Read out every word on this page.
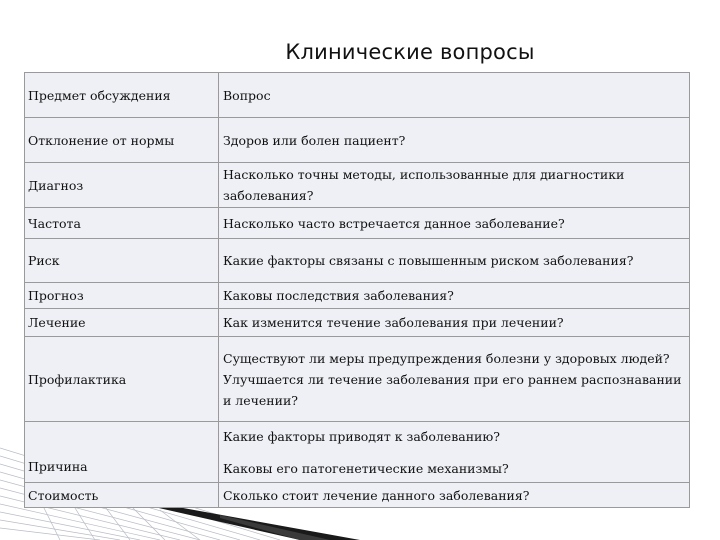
Клинические вопросы
Предмет обсуждения	Вопрос

Отклонение от нормы	Здоров или болен пациент?

Диагноз	Насколько точны методы, использованные для диагностики
заболевания?

Частота	Насколько часто встречается данное заболевание?

Риск	Какие факторы связаны с повышенным риском заболевания?

Прогноз	Каковы последствия заболевания?

Лечение	Как изменится течение заболевания при лечении?

Профилактика	Существуют ли меры предупреждения болезни у здоровых людей?
Улучшается ли течение заболевания при его раннем распознавании
и лечении?

Причина	Какие факторы приводят к заболеванию?
Каковы его патогенетические механизмы?

Стоимость	Сколько стоит лечение данного заболевания?
